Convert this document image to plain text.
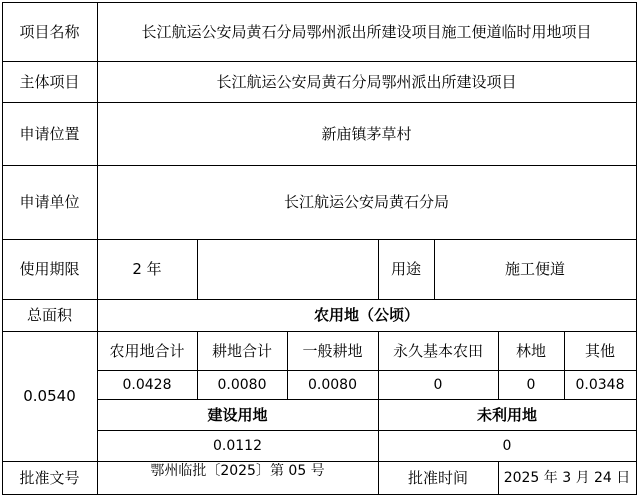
项目名称	长江航运公安局黄石分局鄂州派出所建设项目施工便道临时用地项目
主体项目	长江航运公安局黄石分局鄂州派出所建设项目
申请位置	新庙镇茅草村
申请单位	长江航运公安局黄石分局
使用期限	2 年	用途	施工便道
总面积	农用地（公顷）
0.0540
农用地合计	耕地合计	一般耕地	永久基本农田	林地	其他
0.0428	0.0080	0.0080	0	0	0.0348
建设用地	未利用地
0.0112	0
批准文号	鄂州临批〔2025〕第 05 号	批准时间	2025 年 3 月 24 日
